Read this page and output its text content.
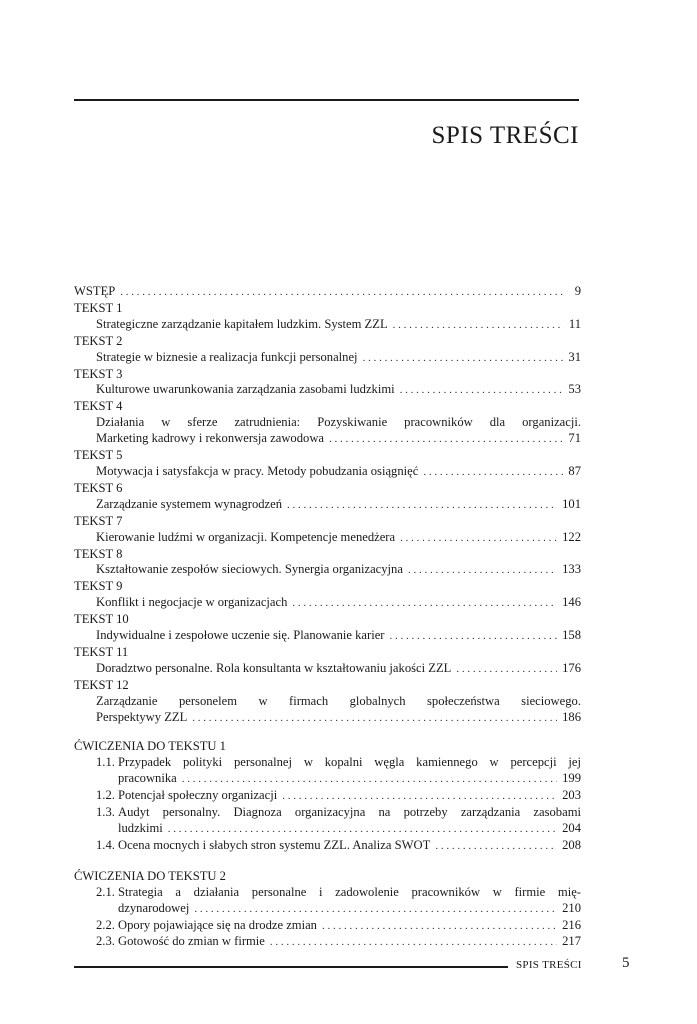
SPIS TREŚCI
WSTĘP . . .	9
TEKST 1
Strategiczne zarządzanie kapitałem ludzkim. System ZZL . . .	11
TEKST 2
Strategie w biznesie a realizacja funkcji personalnej . . .	31
TEKST 3
Kulturowe uwarunkowania zarządzania zasobami ludzkimi . . .	53
TEKST 4
Działania w sferze zatrudnienia: Pozyskiwanie pracowników dla organizacji.
Marketing kadrowy i rekonwersja zawodowa . . .	71
TEKST 5
Motywacja i satysfakcja w pracy. Metody pobudzania osiągnięć . . .	87
TEKST 6
Zarządzanie systemem wynagrodzeń . . .	101
TEKST 7
Kierowanie ludźmi w organizacji. Kompetencje menedżera . . .	122
TEKST 8
Kształtowanie zespołów sieciowych. Synergia organizacyjna . . .	133
TEKST 9
Konflikt i negocjacje w organizacjach . . .	146
TEKST 10
Indywidualne i zespołowe uczenie się. Planowanie karier . . .	158
TEKST 11
Doradztwo personalne. Rola konsultanta w kształtowaniu jakości ZZL . . .	176
TEKST 12
Zarządzanie personelem w firmach globalnych społeczeństwa sieciowego.
Perspektywy ZZL . . .	186
ĆWICZENIA DO TEKSTU 1
1.1. Przypadek polityki personalnej w kopalni węgla kamiennego w percepcji jej
pracownika . . .	199
1.2. Potencjał społeczny organizacji . . .	203
1.3. Audyt personalny. Diagnoza organizacyjna na potrzeby zarządzania zasobami
ludzkimi . . .	204
1.4. Ocena mocnych i słabych stron systemu ZZL. Analiza SWOT . . .	208
ĆWICZENIA DO TEKSTU 2
2.1. Strategia a działania personalne i zadowolenie pracowników w firmie mię-
dzynarodowej . . .	210
2.2. Opory pojawiające się na drodze zmian . . .	216
2.3. Gotowość do zmian w firmie . . .	217
SPIS TREŚCI	5
